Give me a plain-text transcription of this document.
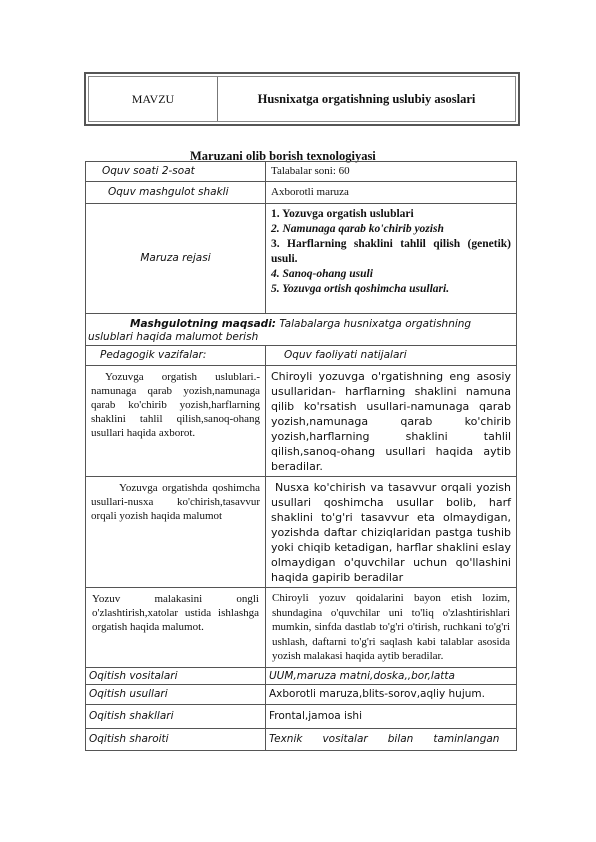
MAVZU	Husnixatga orgatishning uslubiy asoslari
Maruzani olib borish texnologiyasi
Oquv soati 2-soat	Talabalar soni: 60
Oquv mashgulot shakli	Axborotli maruza
Maruza rejasi	1. Yozuvga orgatish uslublari
2. Namunaga qarab ko'chirib yozish
3. Harflarning shaklini tahlil qilish (genetik) usuli.
4. Sanoq-ohang usuli
5. Yozuvga ortish qoshimcha usullari.

Mashgulotning maqsadi: Talabalarga husnixatga orgatishning uslublari haqida malumot berish	
Pedagogik vazifalar:	Oquv faoliyati natijalari
Yozuvga orgatish uslublari.-namunaga qarab yozish,namunaga qarab ko'chirib yozish,harflarning shaklini tahlil qilish,sanoq-ohang usullari haqida axborot.	Chiroyli yozuvga o'rgatishning eng asosiy usullaridan- harflarning shaklini namuna qilib ko'rsatish usullari-namunaga qarab yozish,namunaga qarab ko'chirib yozish,harflarning shaklini tahlil qilish,sanoq-ohang usullari haqida aytib beradilar.
Yozuvga orgatishda qoshimcha usullari-nusxa ko'chirish,tasavvur orqali yozish haqida malumot	Nusxa ko'chirish va tasavvur orqali yozish usullari qoshimcha usullar bolib, harf shaklini to'g'ri tasavvur eta olmaydigan, yozishda daftar chiziqlaridan pastga tushib yoki chiqib ketadigan, harflar shaklini eslay olmaydigan o'quvchilar uchun qo'llashini haqida gapirib beradilar
Yozuv malakasini ongli o'zlashtirish,xatolar ustida ishlashga orgatish haqida malumot.	Chiroyli yozuv qoidalarini bayon etish lozim, shundagina o'quvchilar uni to'liq o'zlashtirishlari mumkin, sinfda dastlab to'g'ri o'tirish, ruchkani to'g'ri ushlash, daftarni to'g'ri saqlash kabi talablar asosida yozish malakasi haqida aytib beradilar.
Oqitish vositalari	UUM,maruza matni,doska,,bor,latta
Oqitish usullari	Axborotli maruza,blits-sorov,aqliy hujum.
Oqitish shakllari	Frontal,jamoa ishi
Oqitish sharoiti	Texnik      vositalar      bilan      taminlangan
